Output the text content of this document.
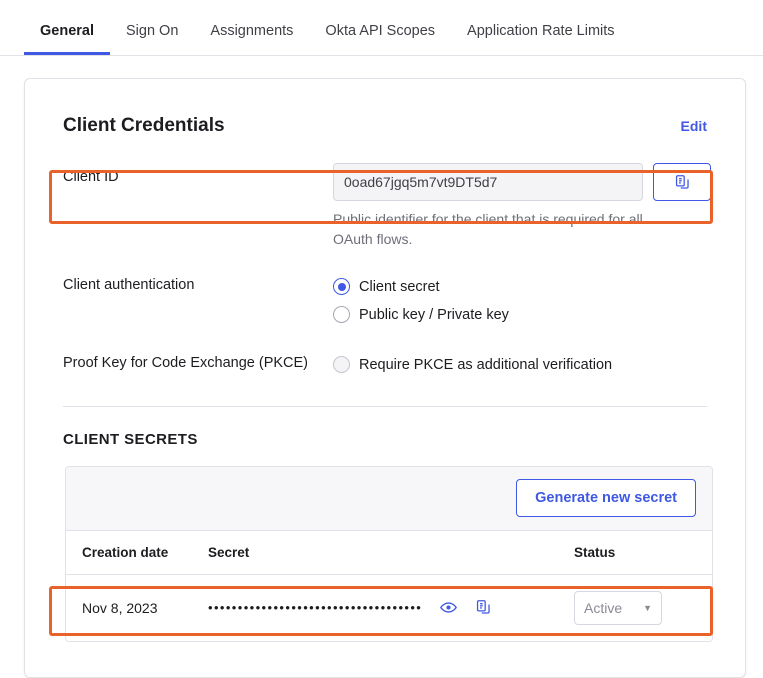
General	Sign On	Assignments	Okta API Scopes	Application Rate Limits
Client Credentials	Edit
Client ID	0oad67jgq5m7vt9DT5d7
Public identifier for the client that is required for all OAuth flows.
Client authentication	Client secret
Public key / Private key
Proof Key for Code Exchange (PKCE)	Require PKCE as additional verification
CLIENT SECRETS
Generate new secret
Creation date	Secret	Status
Nov 8, 2023	••••••••••••••••••••••••••••••••••••	Active ▼
